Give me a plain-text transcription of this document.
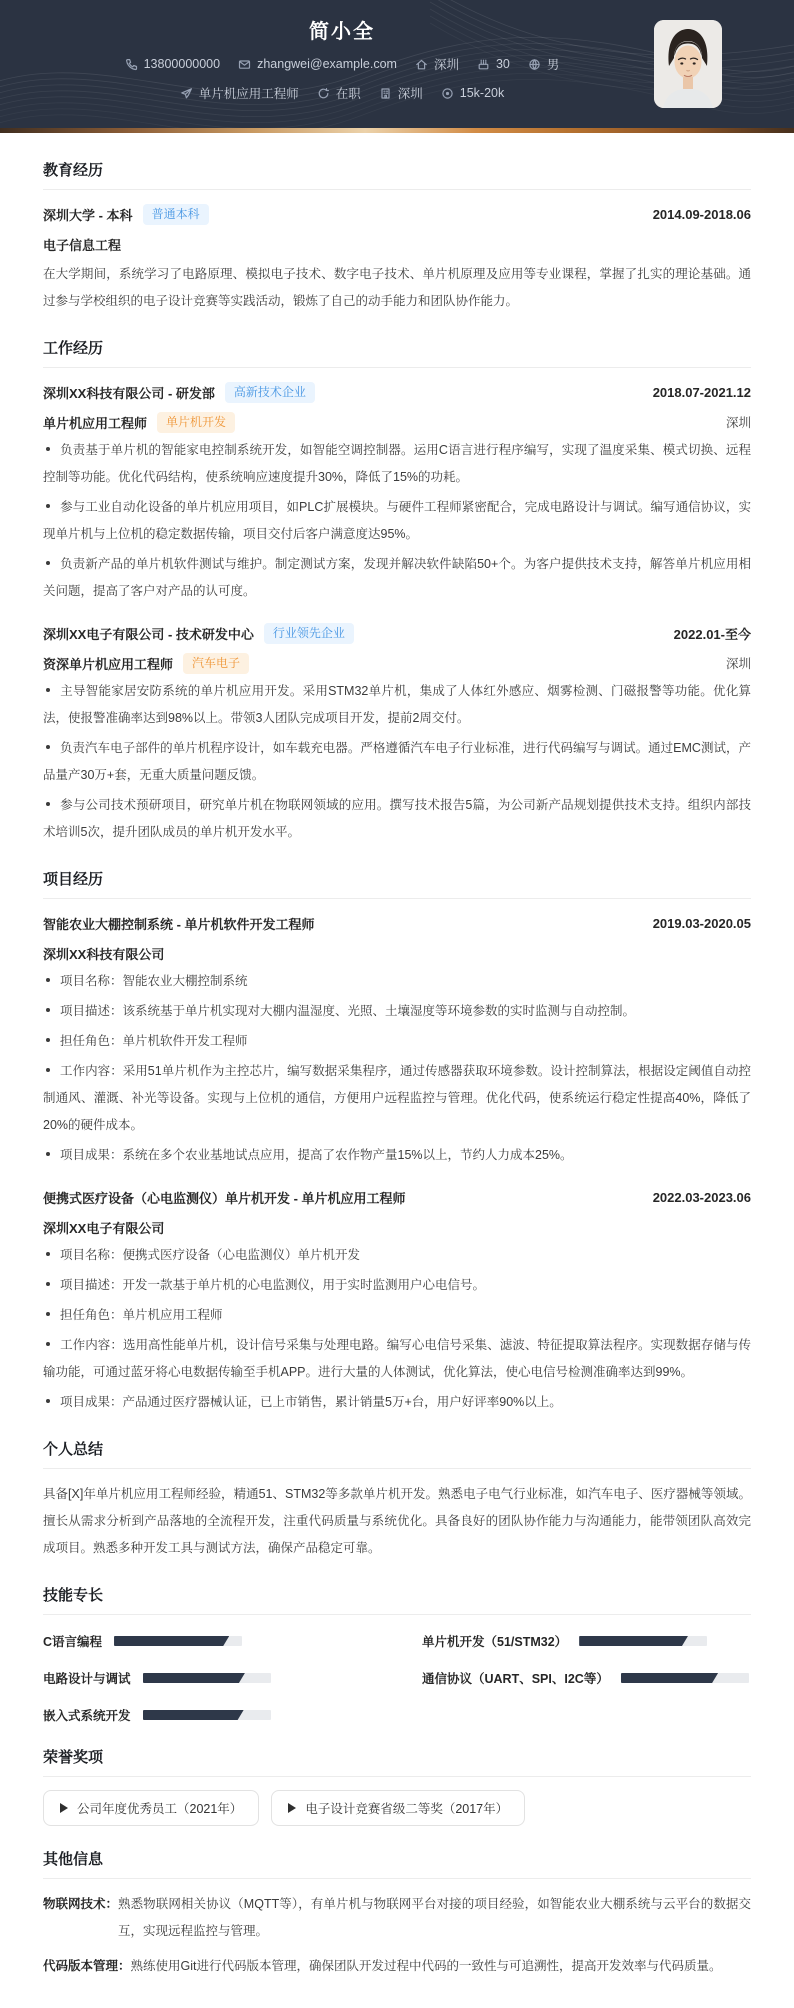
简小全
13800000000	zhangwei@example.com	深圳	30	男
单片机应用工程师	在职	深圳	15k-20k
教育经历
深圳大学 - 本科	普通本科	2014.09-2018.06
电子信息工程

在大学期间，系统学习了电路原理、模拟电子技术、数字电子技术、单片机原理及应用等专业课程，掌握了扎实的理论基础。通过参与学校组织的电子设计竞赛等实践活动，锻炼了自己的动手能力和团队协作能力。

工作经历
深圳XX科技有限公司 - 研发部	高新技术企业	2018.07-2021.12
单片机应用工程师	单片机开发	深圳
负责基于单片机的智能家电控制系统开发，如智能空调控制器。运用C语言进行程序编写，实现了温度采集、模式切换、远程控制等功能。优化代码结构，使系统响应速度提升30%，降低了15%的功耗。
参与工业自动化设备的单片机应用项目，如PLC扩展模块。与硬件工程师紧密配合，完成电路设计与调试。编写通信协议，实现单片机与上位机的稳定数据传输，项目交付后客户满意度达95%。
负责新产品的单片机软件测试与维护。制定测试方案，发现并解决软件缺陷50+个。为客户提供技术支持，解答单片机应用相关问题，提高了客户对产品的认可度。
深圳XX电子有限公司 - 技术研发中心	行业领先企业	2022.01-至今
资深单片机应用工程师	汽车电子	深圳
主导智能家居安防系统的单片机应用开发。采用STM32单片机，集成了人体红外感应、烟雾检测、门磁报警等功能。优化算法，使报警准确率达到98%以上。带领3人团队完成项目开发，提前2周交付。
负责汽车电子部件的单片机程序设计，如车载充电器。严格遵循汽车电子行业标准，进行代码编写与调试。通过EMC测试，产品量产30万+套，无重大质量问题反馈。
参与公司技术预研项目，研究单片机在物联网领域的应用。撰写技术报告5篇，为公司新产品规划提供技术支持。组织内部技术培训5次，提升团队成员的单片机开发水平。
项目经历
智能农业大棚控制系统 - 单片机软件开发工程师	2019.03-2020.05
深圳XX科技有限公司
项目名称：智能农业大棚控制系统
项目描述：该系统基于单片机实现对大棚内温湿度、光照、土壤湿度等环境参数的实时监测与自动控制。
担任角色：单片机软件开发工程师
工作内容：采用51单片机作为主控芯片，编写数据采集程序，通过传感器获取环境参数。设计控制算法，根据设定阈值自动控制通风、灌溉、补光等设备。实现与上位机的通信，方便用户远程监控与管理。优化代码，使系统运行稳定性提高40%，降低了20%的硬件成本。
项目成果：系统在多个农业基地试点应用，提高了农作物产量15%以上，节约人力成本25%。
便携式医疗设备（心电监测仪）单片机开发 - 单片机应用工程师	2022.03-2023.06
深圳XX电子有限公司
项目名称：便携式医疗设备（心电监测仪）单片机开发
项目描述：开发一款基于单片机的心电监测仪，用于实时监测用户心电信号。
担任角色：单片机应用工程师
工作内容：选用高性能单片机，设计信号采集与处理电路。编写心电信号采集、滤波、特征提取算法程序。实现数据存储与传输功能，可通过蓝牙将心电数据传输至手机APP。进行大量的人体测试，优化算法，使心电信号检测准确率达到99%。
项目成果：产品通过医疗器械认证，已上市销售，累计销量5万+台，用户好评率90%以上。
个人总结

具备[X]年单片机应用工程师经验，精通51、STM32等多款单片机开发。熟悉电子电气行业标准，如汽车电子、医疗器械等领域。擅长从需求分析到产品落地的全流程开发，注重代码质量与系统优化。具备良好的团队协作能力与沟通能力，能带领团队高效完成项目。熟悉多种开发工具与测试方法，确保产品稳定可靠。

技能专长
C语言编程	单片机开发（51/STM32）
电路设计与调试	通信协议（UART、SPI、I2C等）
嵌入式系统开发
荣誉奖项
公司年度优秀员工（2021年）	电子设计竞赛省级二等奖（2017年）
其他信息
物联网技术： 熟悉物联网相关协议（MQTT等），有单片机与物联网平台对接的项目经验，如智能农业大棚系统与云平台的数据交互，实现远程监控与管理。
代码版本管理： 熟练使用Git进行代码版本管理，确保团队开发过程中代码的一致性与可追溯性，提高开发效率与代码质量。
